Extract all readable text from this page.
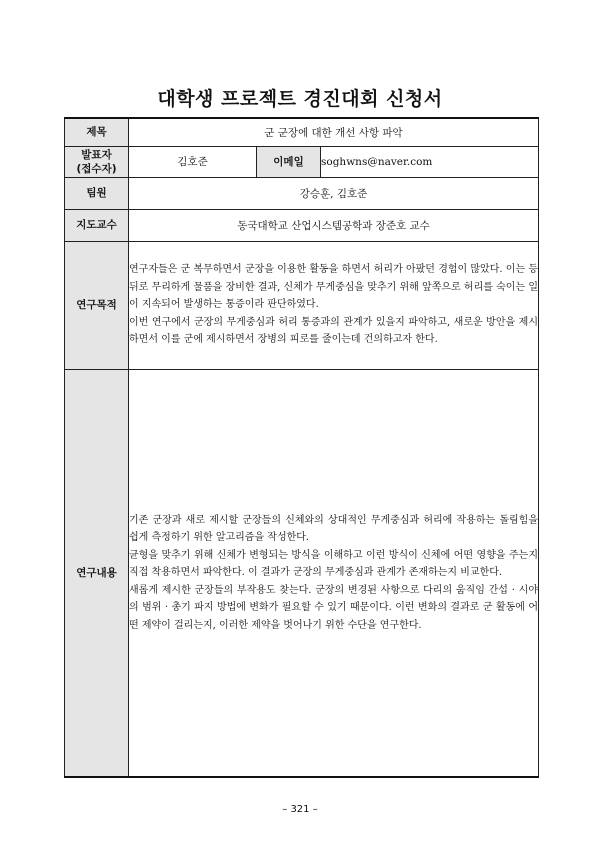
대학생 프로젝트 경진대회 신청서
제목	군 군장에 대한 개선 사항 파악		
발표자
(접수자)	김호준	이메일	soghwns@naver.com
팀원	강승훈, 김호준		
지도교수	동국대학교 산업시스템공학과 장준호 교수		
연구목적	연구자들은 군 복무하면서 군장을 이용한 활동을 하면서 허리가 아팠던 경험이 많았다. 이는 등 뒤로 무리하게 물품을 장비한 결과, 신체가 무게중심을 맞추기 위해 앞쪽으로 허리를 숙이는 일이 지속되어 발생하는 통증이라 판단하였다.

이번 연구에서 군장의 무게중심과 허리 통증과의 관계가 있을지 파악하고, 새로운 방안을 제시하면서 이를 군에 제시하면서 장병의 피로를 줄이는데 건의하고자 한다.		

연구내용	기존 군장과 새로 제시할 군장들의 신체와의 상대적인 무게중심과 허리에 작용하는 돌림힘을 쉽게 측정하기 위한 알고리즘을 작성한다.

균형을 맞추기 위해 신체가 변형되는 방식을 이해하고 이런 방식이 신체에 어떤 영향을 주는지 직접 착용하면서 파악한다. 이 결과가 군장의 무게중심과 관계가 존재하는지 비교한다.

새롭게 제시한 군장들의 부작용도 찾는다. 군장의 변경된 사항으로 다리의 움직임 간섭 · 시야의 범위 · 총기 파지 방법에 변화가 필요할 수 있기 때문이다. 이런 변화의 결과로 군 활동에 어떤 제약이 걸리는지, 이러한 제약을 벗어나기 위한 수단을 연구한다.		

– 321 –
